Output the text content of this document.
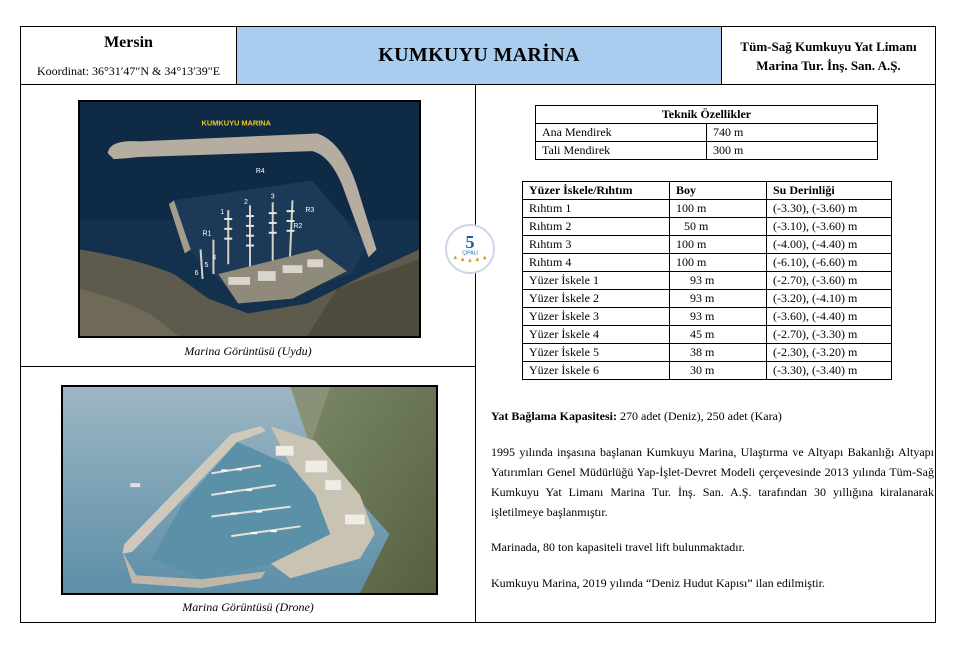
Mersin
Koordinat: 36°31′47″N & 34°13′39"E
KUMKUYU MARİNA	Tüm-Sağ Kumkuyu Yat Limanı
Marina Tur. İnş. San. A.Ş.
KUMKUYU MARINA
R4
R3
R2
R1
1
2
3
4
5
6
Marina Görüntüsü (Uydu)
Marina Görüntüsü (Drone)
5
ÇIPALI
Teknik Özellikler	
Ana Mendirek	740 m
Tali Mendirek	300 m
Yüzer İskele/Rıhtım	Boy	Su Derinliği
Rıhtım 1	100 m	(-3.30), (-3.60) m
Rıhtım 2	50 m	(-3.10), (-3.60) m
Rıhtım 3	100 m	(-4.00), (-4.40) m
Rıhtım 4	100 m	(-6.10), (-6.60) m
Yüzer İskele 1	93 m	(-2.70), (-3.60) m
Yüzer İskele 2	93 m	(-3.20), (-4.10) m
Yüzer İskele 3	93 m	(-3.60), (-4.40) m
Yüzer İskele 4	45 m	(-2.70), (-3.30) m
Yüzer İskele 5	38 m	(-2.30), (-3.20) m
Yüzer İskele 6	30 m	(-3.30), (-3.40) m
Yat Bağlama Kapasitesi: 270 adet (Deniz), 250 adet (Kara)
1995 yılında inşasına başlanan Kumkuyu Marina, Ulaştırma ve Altyapı Bakanlığı Altyapı Yatırımları Genel Müdürlüğü Yap-İşlet-Devret Modeli çerçevesinde 2013 yılında Tüm-Sağ Kumkuyu Yat Limanı Marina Tur. İnş. San. A.Ş. tarafından 30 yıllığına kiralanarak işletilmeye başlanmıştır.
Marinada, 80 ton kapasiteli travel lift bulunmaktadır.
Kumkuyu Marina, 2019 yılında “Deniz Hudut Kapısı” ilan edilmiştir.
